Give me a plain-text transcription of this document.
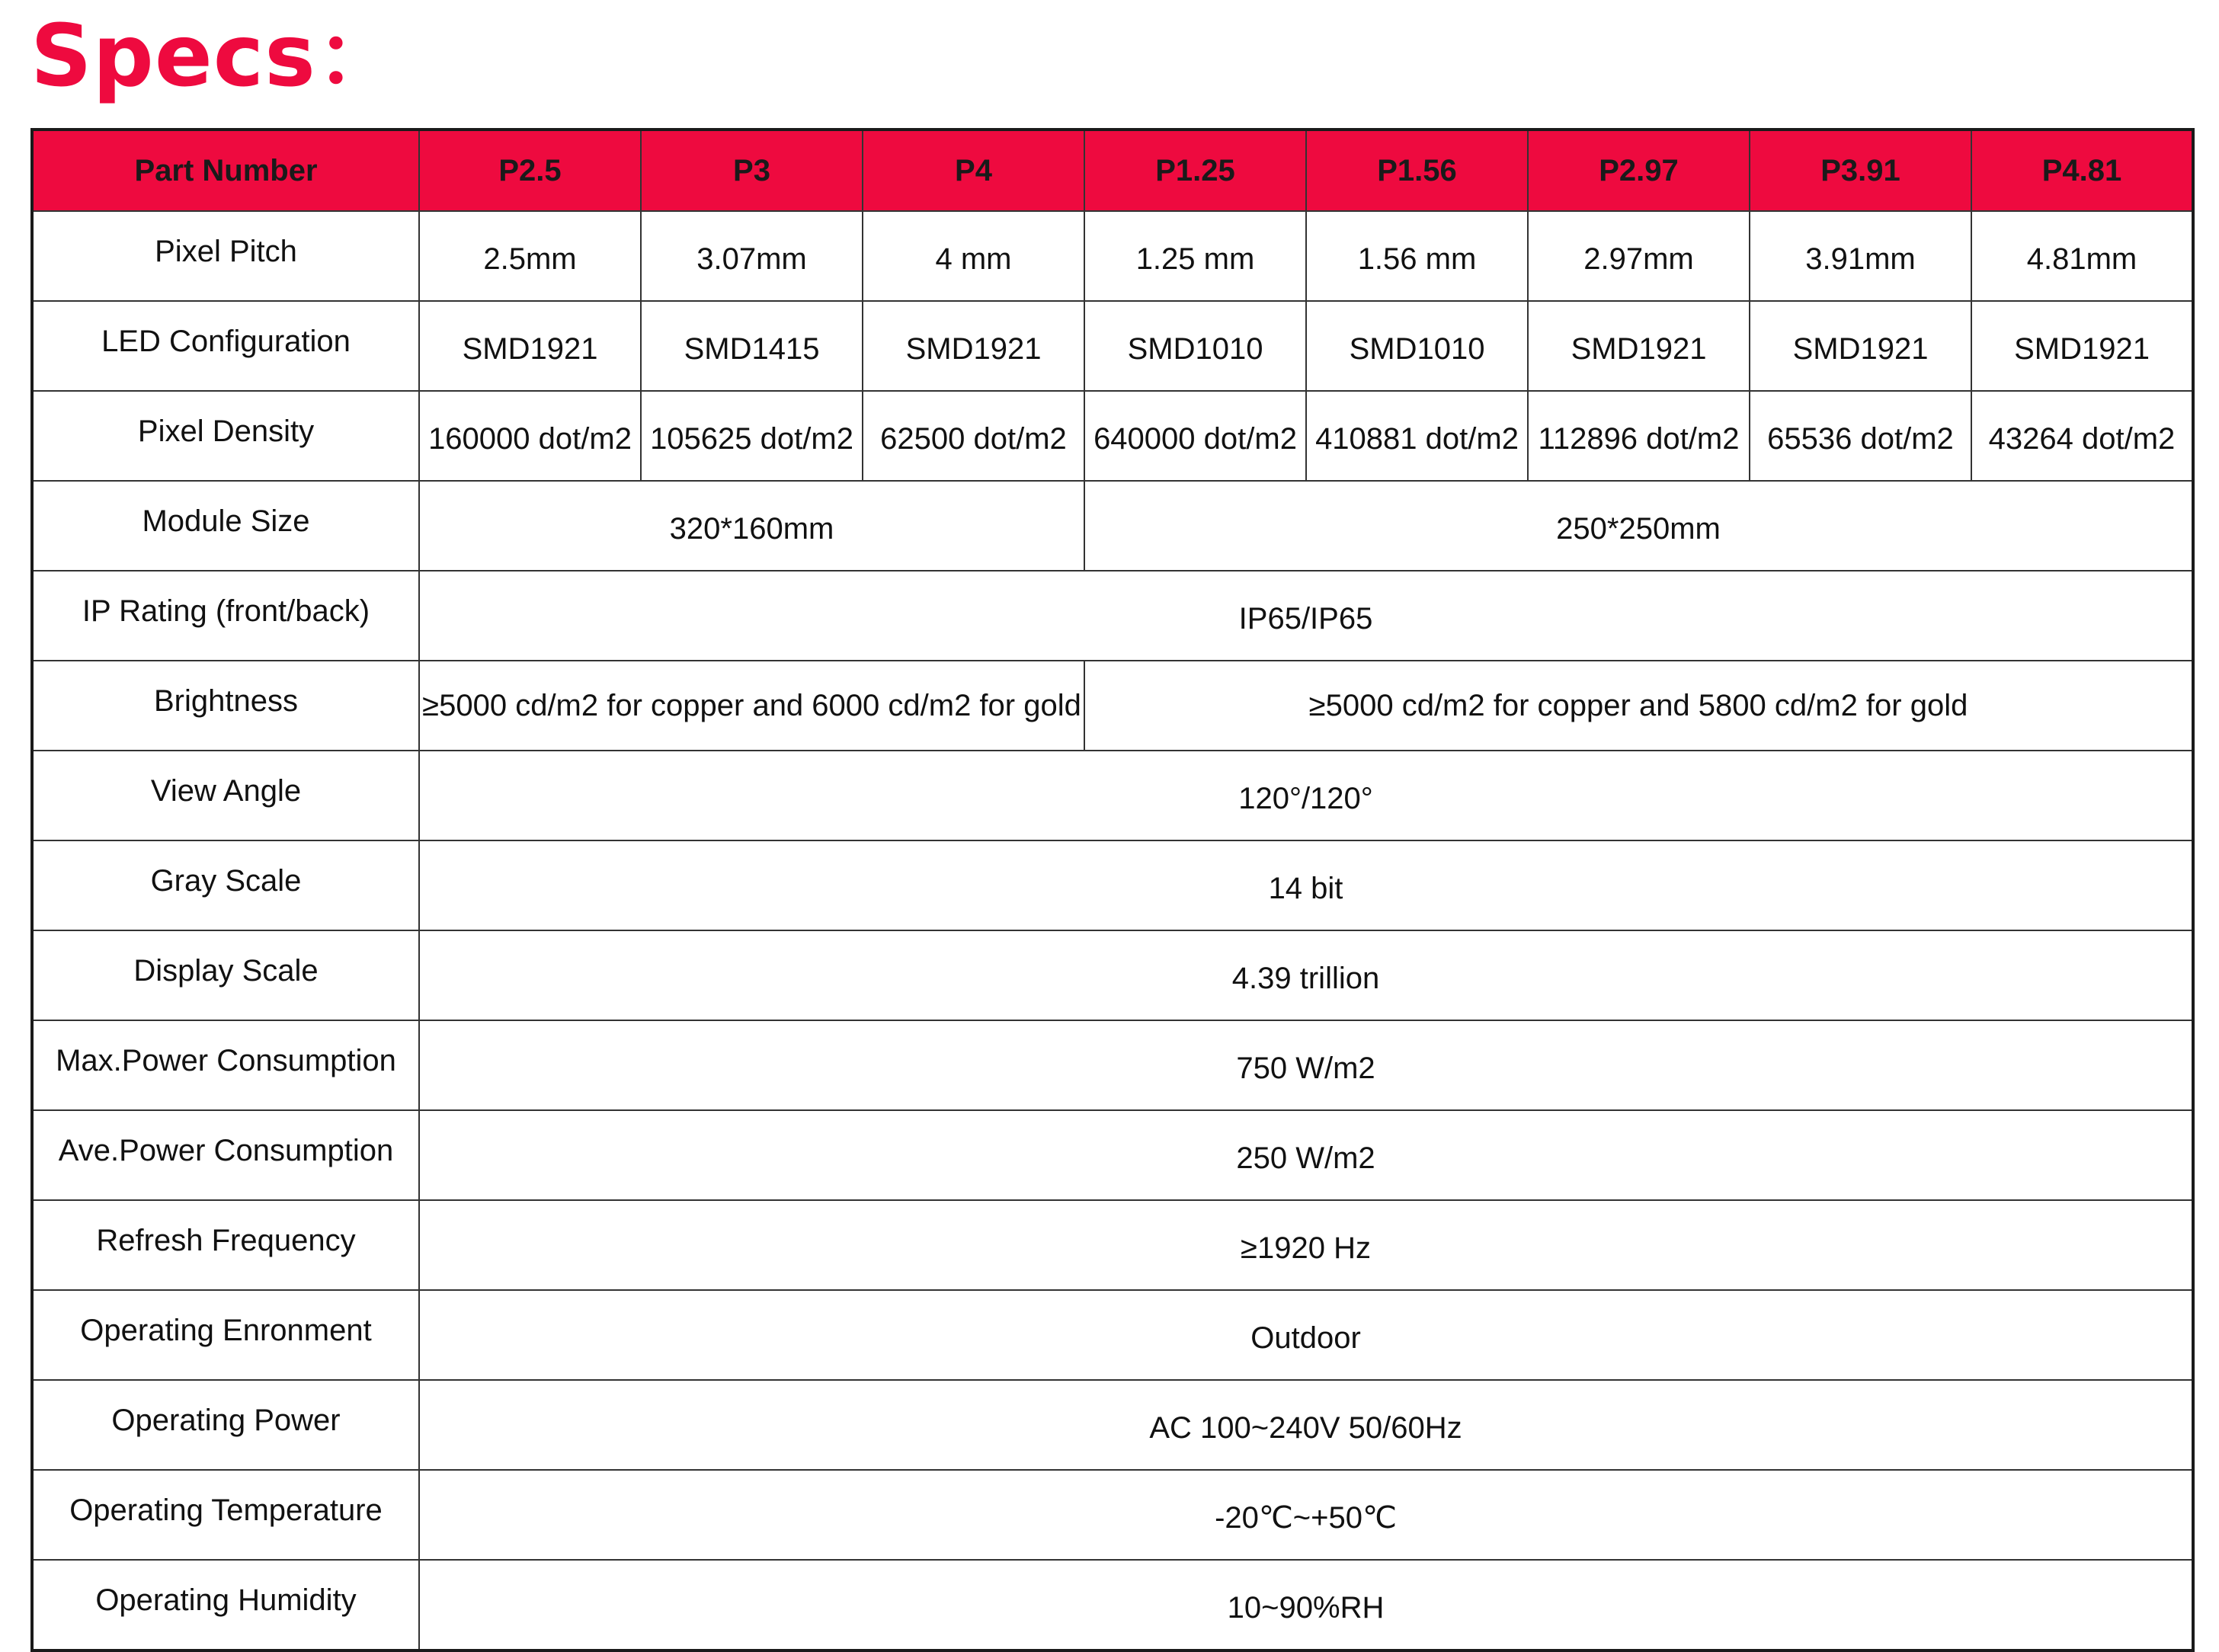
Specs：
Part Number	P2.5	P3	P4	P1.25	P1.56	P2.97	P3.91	P4.81
Pixel Pitch	2.5mm	3.07mm	4 mm	1.25 mm	1.56 mm	2.97mm	3.91mm	4.81mm
LED Configuration	SMD1921	SMD1415	SMD1921	SMD1010	SMD1010	SMD1921	SMD1921	SMD1921
Pixel Density	160000 dot/m2	105625 dot/m2	62500 dot/m2	640000 dot/m2	410881 dot/m2	112896 dot/m2	65536 dot/m2	43264 dot/m2
Module Size	320*160mm			250*250mm				
IP Rating (front/back)	IP65/IP65							
Brightness	≥5000 cd/m2 for copper and 6000 cd/m2 for gold			≥5000 cd/m2 for copper and 5800 cd/m2 for gold				
View Angle	120°/120°							
Gray Scale	14 bit							
Display Scale	4.39 trillion							
Max.Power Consumption	750 W/m2							
Ave.Power Consumption	250 W/m2							
Refresh Frequency	≥1920 Hz							
Operating Enronment	Outdoor							
Operating Power	AC 100~240V 50/60Hz							
Operating Temperature	-20℃~+50℃							
Operating Humidity	10~90%RH							
